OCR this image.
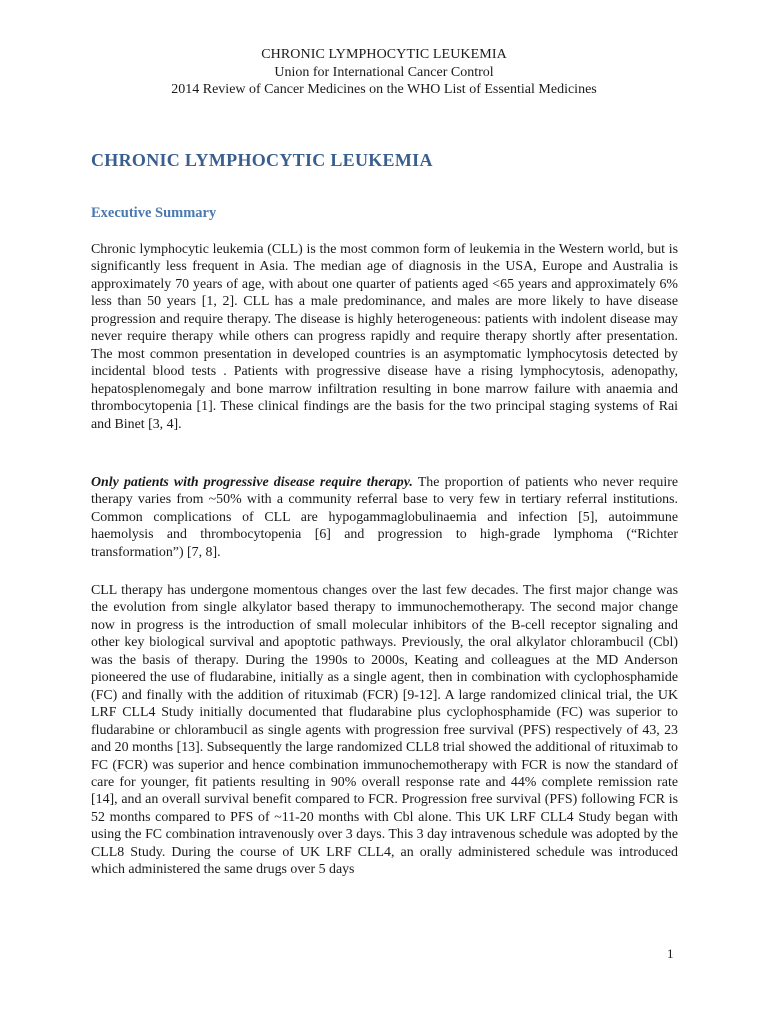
CHRONIC LYMPHOCYTIC LEUKEMIA
Union for International Cancer Control
2014 Review of Cancer Medicines on the WHO List of Essential Medicines
CHRONIC LYMPHOCYTIC LEUKEMIA
Executive Summary

Chronic lymphocytic leukemia (CLL) is the most common form of leukemia in the Western world, but is significantly less frequent in Asia. The median age of diagnosis in the USA, Europe and Australia is approximately 70 years of age, with about one quarter of patients aged <65 years and approximately 6% less than 50 years [1, 2]. CLL has a male predominance, and males are more likely to have disease progression and require therapy. The disease is highly heterogeneous: patients with indolent disease may never require therapy while others can progress rapidly and require therapy shortly after presentation. The most common presentation in developed countries is an asymptomatic lymphocytosis detected by incidental blood tests . Patients with progressive disease have a rising lymphocytosis, adenopathy, hepatosplenomegaly and bone marrow infiltration resulting in bone marrow failure with anaemia and thrombocytopenia [1]. These clinical findings are the basis for the two principal staging systems of Rai and Binet [3, 4].

Only patients with progressive disease require therapy. The proportion of patients who never require therapy varies from ~50% with a community referral base to very few in tertiary referral institutions. Common complications of CLL are hypogammaglobulinaemia and infection [5], autoimmune haemolysis and thrombocytopenia [6] and progression to high-grade lymphoma (“Richter transformation”) [7, 8].

CLL therapy has undergone momentous changes over the last few decades. The first major change was the evolution from single alkylator based therapy to immunochemotherapy. The second major change now in progress is the introduction of small molecular inhibitors of the B-cell receptor signaling and other key biological survival and apoptotic pathways. Previously, the oral alkylator chlorambucil (Cbl) was the basis of therapy. During the 1990s to 2000s, Keating and colleagues at the MD Anderson pioneered the use of fludarabine, initially as a single agent, then in combination with cyclophosphamide (FC) and finally with the addition of rituximab (FCR) [9-12]. A large randomized clinical trial, the UK LRF CLL4 Study initially documented that fludarabine plus cyclophosphamide (FC) was superior to fludarabine or chlorambucil as single agents with progression free survival (PFS) respectively of 43, 23 and 20 months [13]. Subsequently the large randomized CLL8 trial showed the additional of rituximab to FC (FCR) was superior and hence combination immunochemotherapy with FCR is now the standard of care for younger, fit patients resulting in 90% overall response rate and 44% complete remission rate [14], and an overall survival benefit compared to FCR. Progression free survival (PFS) following FCR is 52 months compared to PFS of ~11-20 months with Cbl alone. This UK LRF CLL4 Study began with using the FC combination intravenously over 3 days. This 3 day intravenous schedule was adopted by the CLL8 Study. During the course of UK LRF CLL4, an orally administered schedule was introduced which administered the same drugs over 5 days

1
